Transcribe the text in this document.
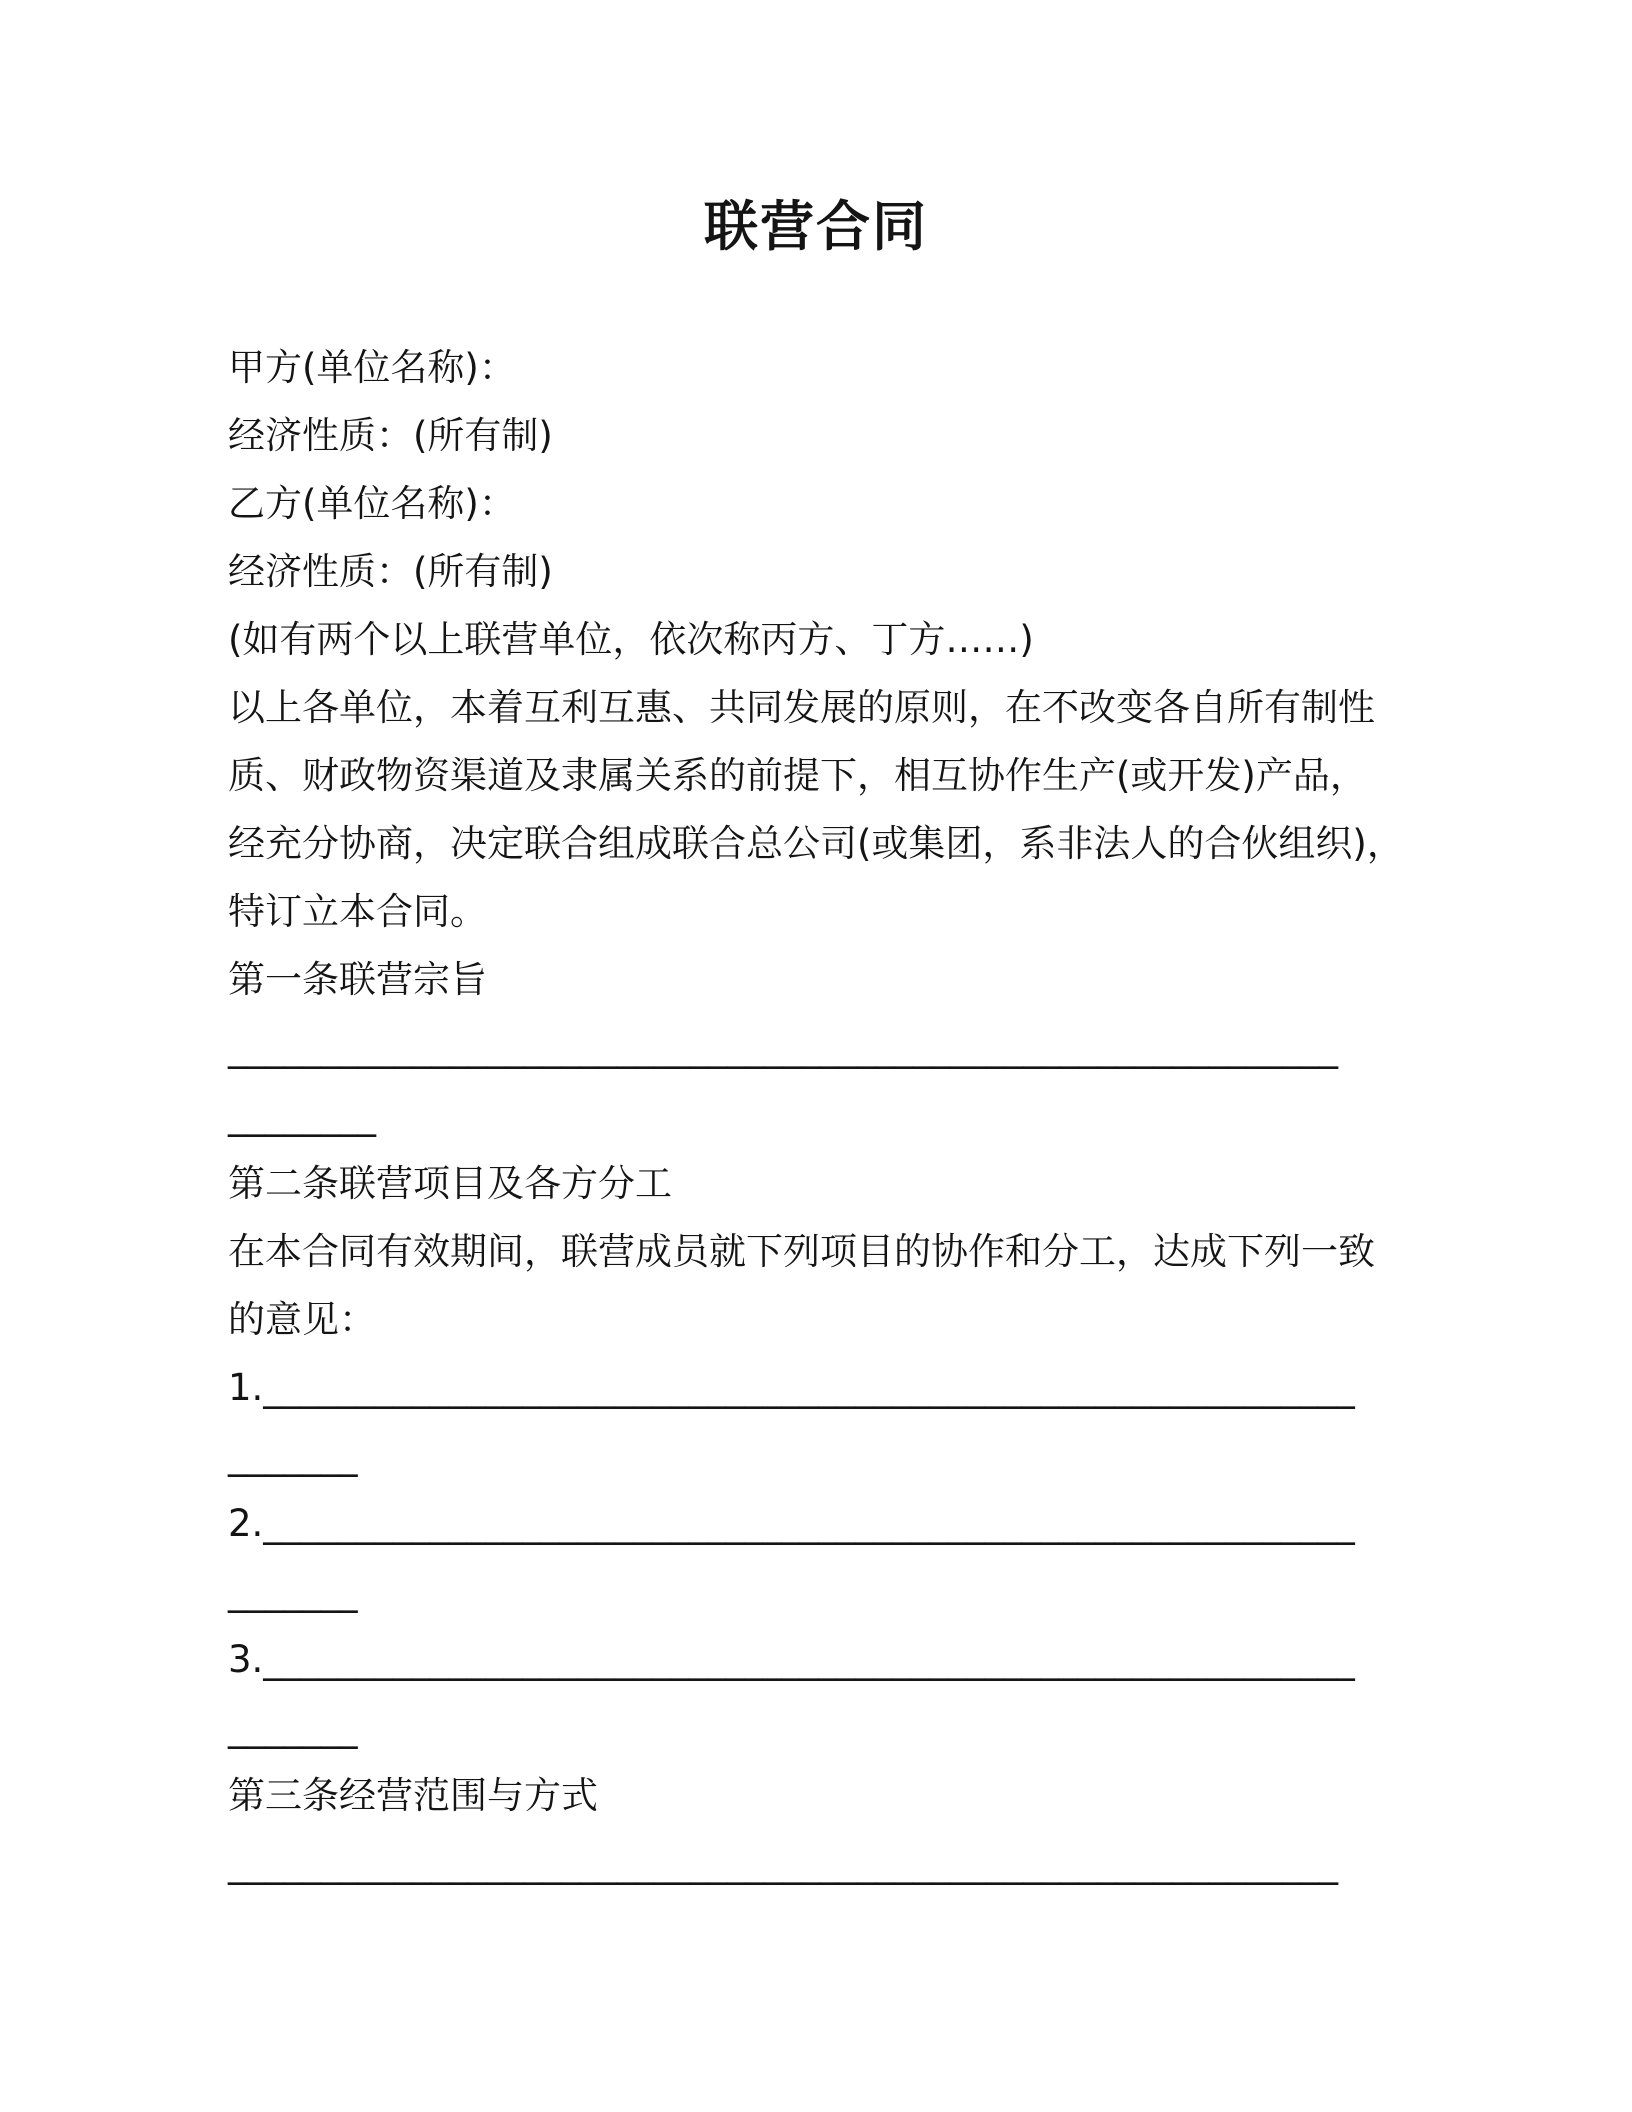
联营合同
甲方(单位名称)：
经济性质：(所有制)
乙方(单位名称)：
经济性质：(所有制)
(如有两个以上联营单位，依次称丙方、丁方……)
以上各单位，本着互利互惠、共同发展的原则，在不改变各自所有制性
质、财政物资渠道及隶属关系的前提下，相互协作生产(或开发)产品，
经充分协商，决定联合组成联合总公司(或集团，系非法人的合伙组织)，
特订立本合同。
第一条联营宗旨
____________________________________________________________
________
第二条联营项目及各方分工
在本合同有效期间，联营成员就下列项目的协作和分工，达成下列一致
的意见：
1.___________________________________________________________
_______
2.___________________________________________________________
_______
3.___________________________________________________________
_______
第三条经营范围与方式
____________________________________________________________
